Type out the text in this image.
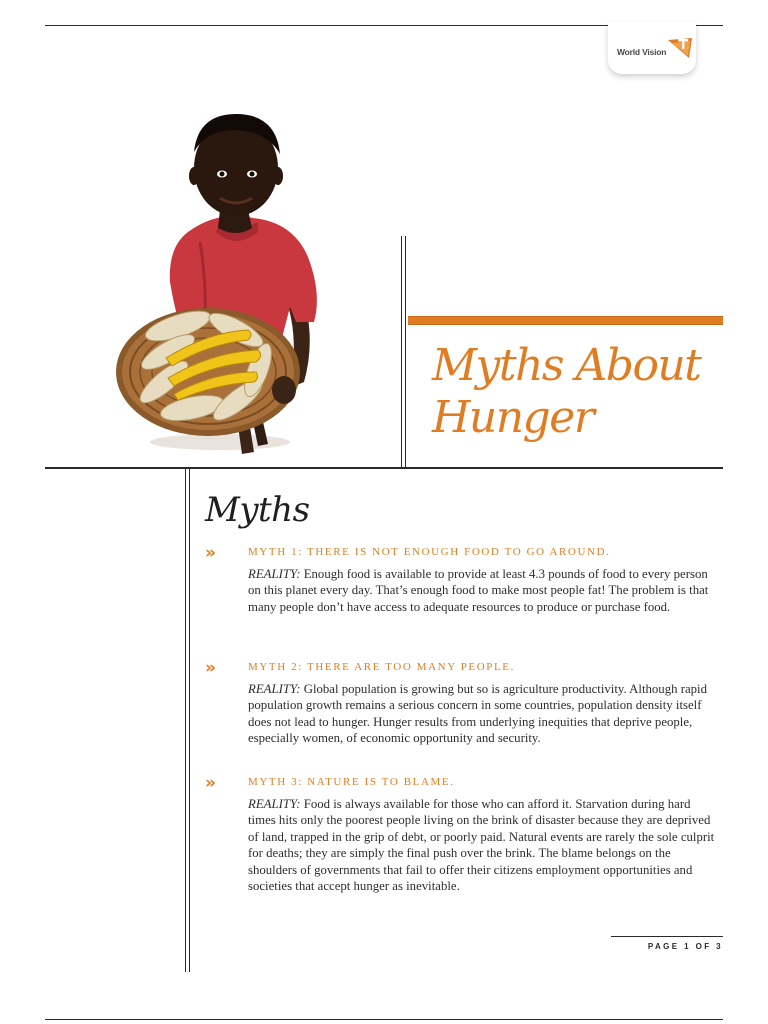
World Vision
Myths About Hunger
Myths
»	MYTH 1: THERE IS NOT ENOUGH FOOD TO GO AROUND.

REALITY: Enough food is available to provide at least 4.3 pounds of food to every person on this planet every day. That’s enough food to make most people fat! The problem is that many people don’t have access to adequate resources to produce or purchase food.

»	MYTH 2: THERE ARE TOO MANY PEOPLE.

REALITY: Global population is growing but so is agriculture productivity. Although rapid population growth remains a serious concern in some countries, population density itself does not lead to hunger. Hunger results from underlying inequities that deprive people, especially women, of economic opportunity and security.

»	MYTH 3: NATURE IS TO BLAME.

REALITY: Food is always available for those who can afford it. Starvation during hard times hits only the poorest people living on the brink of disaster because they are deprived of land, trapped in the grip of debt, or poorly paid. Natural events are rarely the sole culprit for deaths; they are simply the final push over the brink. The blame belongs on the shoulders of governments that fail to offer their citizens employment opportunities and societies that accept hunger as inevitable.

PAGE 1 OF 3
